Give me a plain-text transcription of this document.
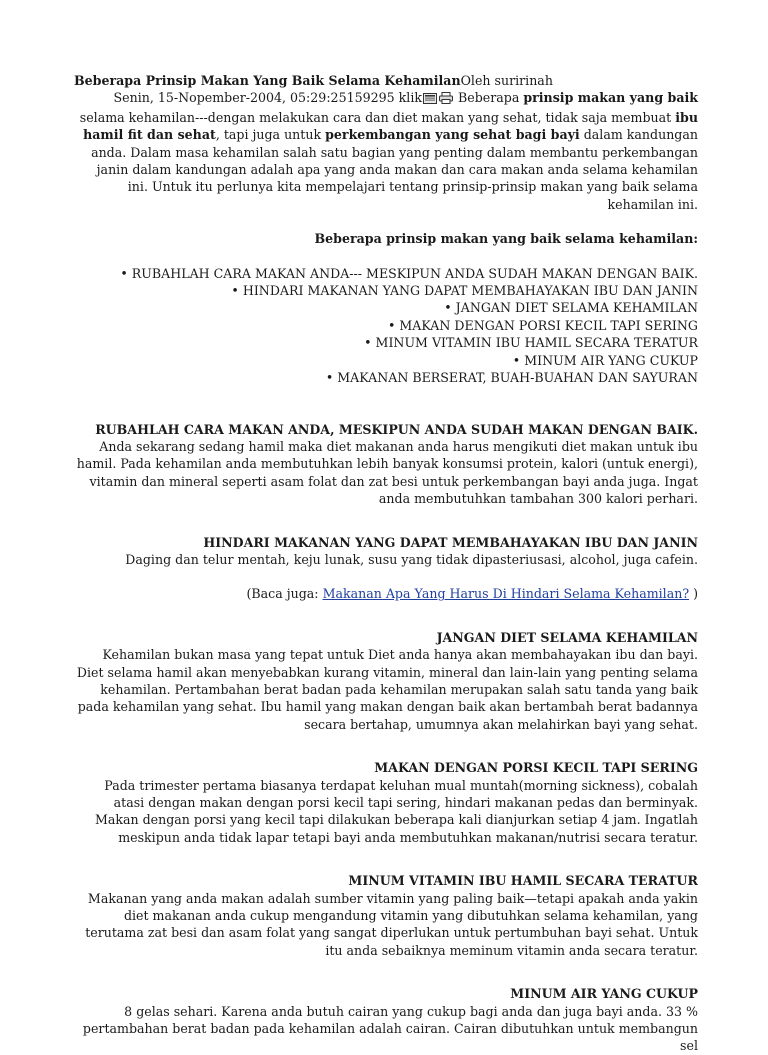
Beberapa Prinsip Makan Yang Baik Selama KehamilanOleh suririnah

Senin, 15-Nopember-2004, 05:29:25159295 klik	Beberapa prinsip makan yang baik selama kehamilan---dengan melakukan cara dan diet makan yang sehat, tidak saja membuat ibu hamil fit dan sehat, tapi juga untuk perkembangan yang sehat bagi bayi dalam kandungan anda. Dalam masa kehamilan salah satu bagian yang penting dalam membantu perkembangan janin dalam kandungan adalah apa yang anda makan dan cara makan anda selama kehamilan ini. Untuk itu perlunya kita mempelajari tentang prinsip-prinsip makan yang baik selama kehamilan ini.

Beberapa prinsip makan yang baik selama kehamilan:

• RUBAHLAH CARA MAKAN ANDA--- MESKIPUN ANDA SUDAH MAKAN DENGAN BAIK.
• HINDARI MAKANAN YANG DAPAT MEMBAHAYAKAN IBU DAN JANIN
• JANGAN DIET SELAMA KEHAMILAN
• MAKAN DENGAN PORSI KECIL TAPI SERING
• MINUM VITAMIN IBU HAMIL SECARA TERATUR
• MINUM AIR YANG CUKUP
• MAKANAN BERSERAT, BUAH-BUAHAN DAN SAYURAN

RUBAHLAH CARA MAKAN ANDA, MESKIPUN ANDA SUDAH MAKAN DENGAN BAIK.

Anda sekarang sedang hamil maka diet makanan anda harus mengikuti diet makan untuk ibu hamil. Pada kehamilan anda membutuhkan lebih banyak konsumsi protein, kalori (untuk energi), vitamin dan mineral seperti asam folat dan zat besi untuk perkembangan bayi anda juga. Ingat anda membutuhkan tambahan 300 kalori perhari.

HINDARI MAKANAN YANG DAPAT MEMBAHAYAKAN IBU DAN JANIN

Daging dan telur mentah, keju lunak, susu yang tidak dipasteriusasi, alcohol, juga cafein.

(Baca juga: Makanan Apa Yang Harus Di Hindari Selama Kehamilan? )

JANGAN DIET SELAMA KEHAMILAN

Kehamilan bukan masa yang tepat untuk Diet anda hanya akan membahayakan ibu dan bayi. Diet selama hamil akan menyebabkan kurang vitamin, mineral dan lain-lain yang penting selama kehamilan. Pertambahan berat badan pada kehamilan merupakan salah satu tanda yang baik pada kehamilan yang sehat. Ibu hamil yang makan dengan baik akan bertambah berat badannya secara bertahap, umumnya akan melahirkan bayi yang sehat.

MAKAN DENGAN PORSI KECIL TAPI SERING

Pada trimester pertama biasanya terdapat keluhan mual muntah(morning sickness), cobalah atasi dengan makan dengan porsi kecil tapi sering, hindari makanan pedas dan berminyak. Makan dengan porsi yang kecil tapi dilakukan beberapa kali dianjurkan setiap 4 jam. Ingatlah meskipun anda tidak lapar tetapi bayi anda membutuhkan makanan/nutrisi secara teratur.

MINUM VITAMIN IBU HAMIL SECARA TERATUR

Makanan yang anda makan adalah sumber vitamin yang paling baik—tetapi apakah anda yakin diet makanan anda cukup mengandung vitamin yang dibutuhkan selama kehamilan, yang terutama zat besi dan asam folat yang sangat diperlukan untuk pertumbuhan bayi sehat. Untuk itu anda sebaiknya meminum vitamin anda secara teratur.

MINUM AIR YANG CUKUP

8 gelas sehari. Karena anda butuh cairan yang cukup bagi anda dan juga bayi anda. 33 % pertambahan berat badan pada kehamilan adalah cairan. Cairan dibutuhkan untuk membangun sel
